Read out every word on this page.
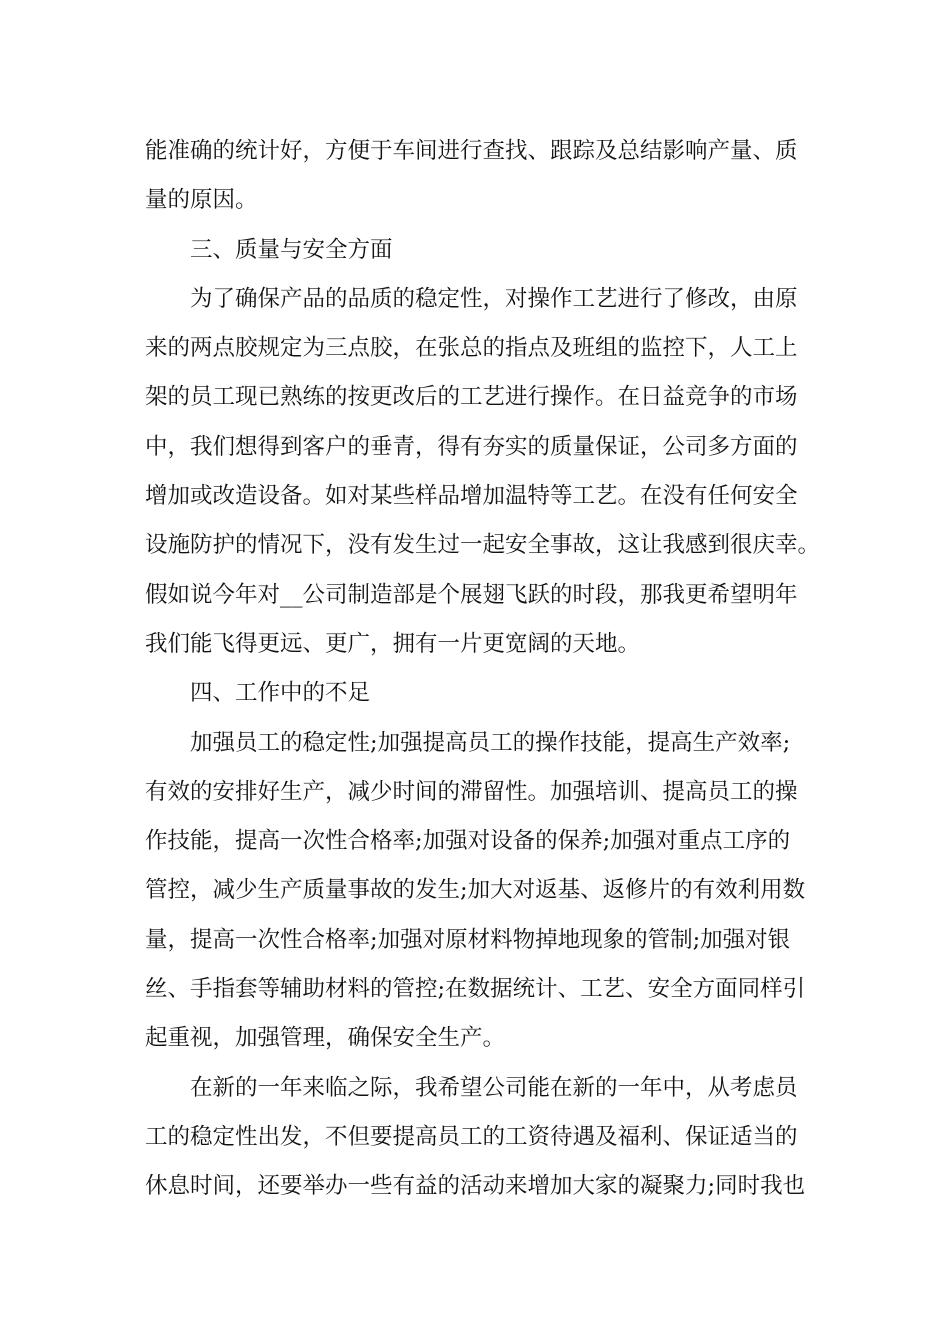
能准确的统计好，方便于车间进行查找、跟踪及总结影响产量、质
量的原因。
三、质量与安全方面
为了确保产品的品质的稳定性，对操作工艺进行了修改，由原
来的两点胶规定为三点胶，在张总的指点及班组的监控下，人工上
架的员工现已熟练的按更改后的工艺进行操作。在日益竞争的市场
中，我们想得到客户的垂青，得有夯实的质量保证，公司多方面的
增加或改造设备。如对某些样品增加温特等工艺。在没有任何安全
设施防护的情况下，没有发生过一起安全事故，这让我感到很庆幸。
假如说今年对__公司制造部是个展翅飞跃的时段，那我更希望明年
我们能飞得更远、更广，拥有一片更宽阔的天地。
四、工作中的不足
加强员工的稳定性;加强提高员工的操作技能，提高生产效率;
有效的安排好生产，减少时间的滞留性。加强培训、提高员工的操
作技能，提高一次性合格率;加强对设备的保养;加强对重点工序的
管控，减少生产质量事故的发生;加大对返基、返修片的有效利用数
量，提高一次性合格率;加强对原材料物掉地现象的管制;加强对银
丝、手指套等辅助材料的管控;在数据统计、工艺、安全方面同样引
起重视，加强管理，确保安全生产。
在新的一年来临之际，我希望公司能在新的一年中，从考虑员
工的稳定性出发，不但要提高员工的工资待遇及福利、保证适当的
休息时间，还要举办一些有益的活动来增加大家的凝聚力;同时我也
